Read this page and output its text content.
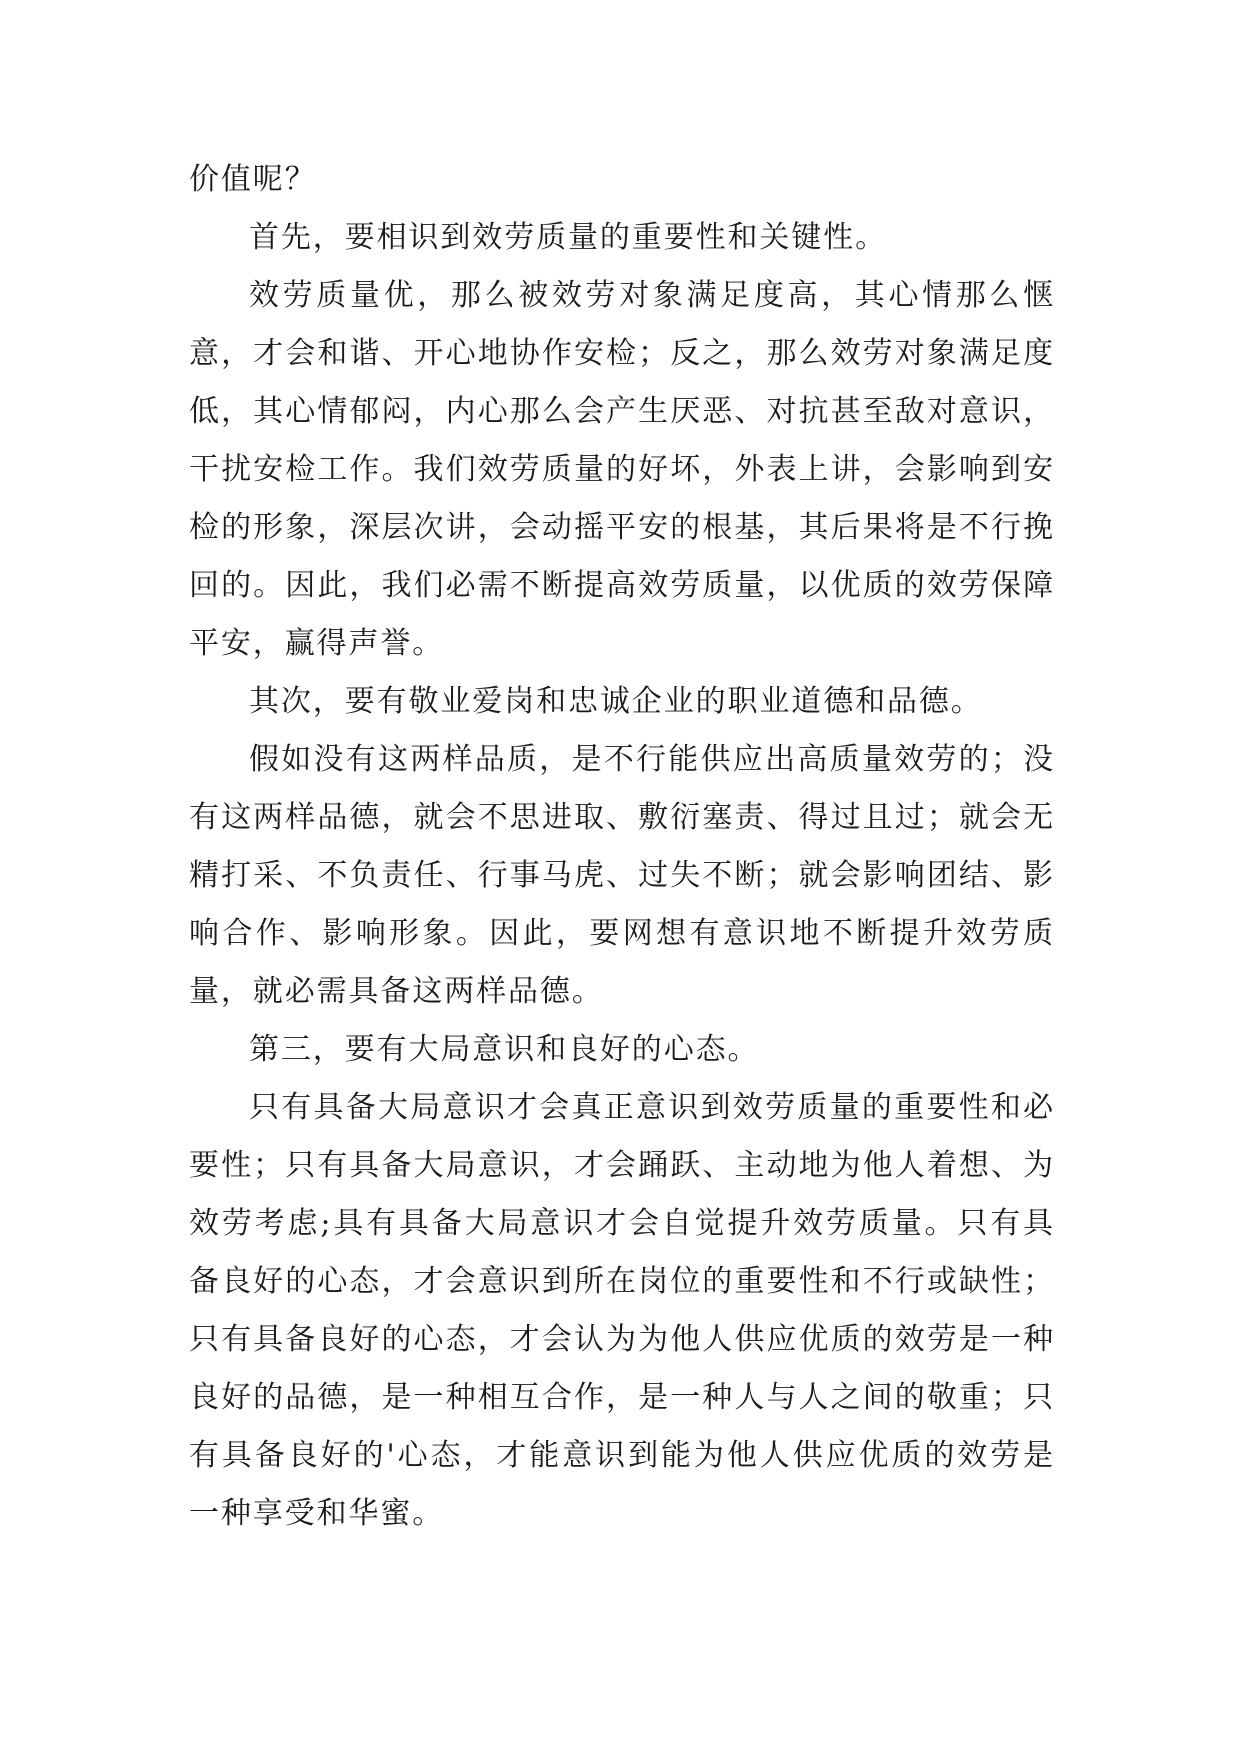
价值呢？

首先，要相识到效劳质量的重要性和关键性。

效劳质量优，那么被效劳对象满足度高，其心情那么惬意，才会和谐、开心地协作安检；反之，那么效劳对象满足度低，其心情郁闷，内心那么会产生厌恶、对抗甚至敌对意识，干扰安检工作。我们效劳质量的好坏，外表上讲，会影响到安检的形象，深层次讲，会动摇平安的根基，其后果将是不行挽回的。因此，我们必需不断提高效劳质量，以优质的效劳保障平安，赢得声誉。

其次，要有敬业爱岗和忠诚企业的职业道德和品德。

假如没有这两样品质，是不行能供应出高质量效劳的；没有这两样品德，就会不思进取、敷衍塞责、得过且过；就会无精打采、不负责任、行事马虎、过失不断；就会影响团结、影响合作、影响形象。因此，要网想有意识地不断提升效劳质量，就必需具备这两样品德。

第三，要有大局意识和良好的心态。

只有具备大局意识才会真正意识到效劳质量的重要性和必要性；只有具备大局意识，才会踊跃、主动地为他人着想、为效劳考虑;具有具备大局意识才会自觉提升效劳质量。只有具备良好的心态，才会意识到所在岗位的重要性和不行或缺性；只有具备良好的心态，才会认为为他人供应优质的效劳是一种良好的品德，是一种相互合作，是一种人与人之间的敬重；只有具备良好的'心态，才能意识到能为他人供应优质的效劳是一种享受和华蜜。
